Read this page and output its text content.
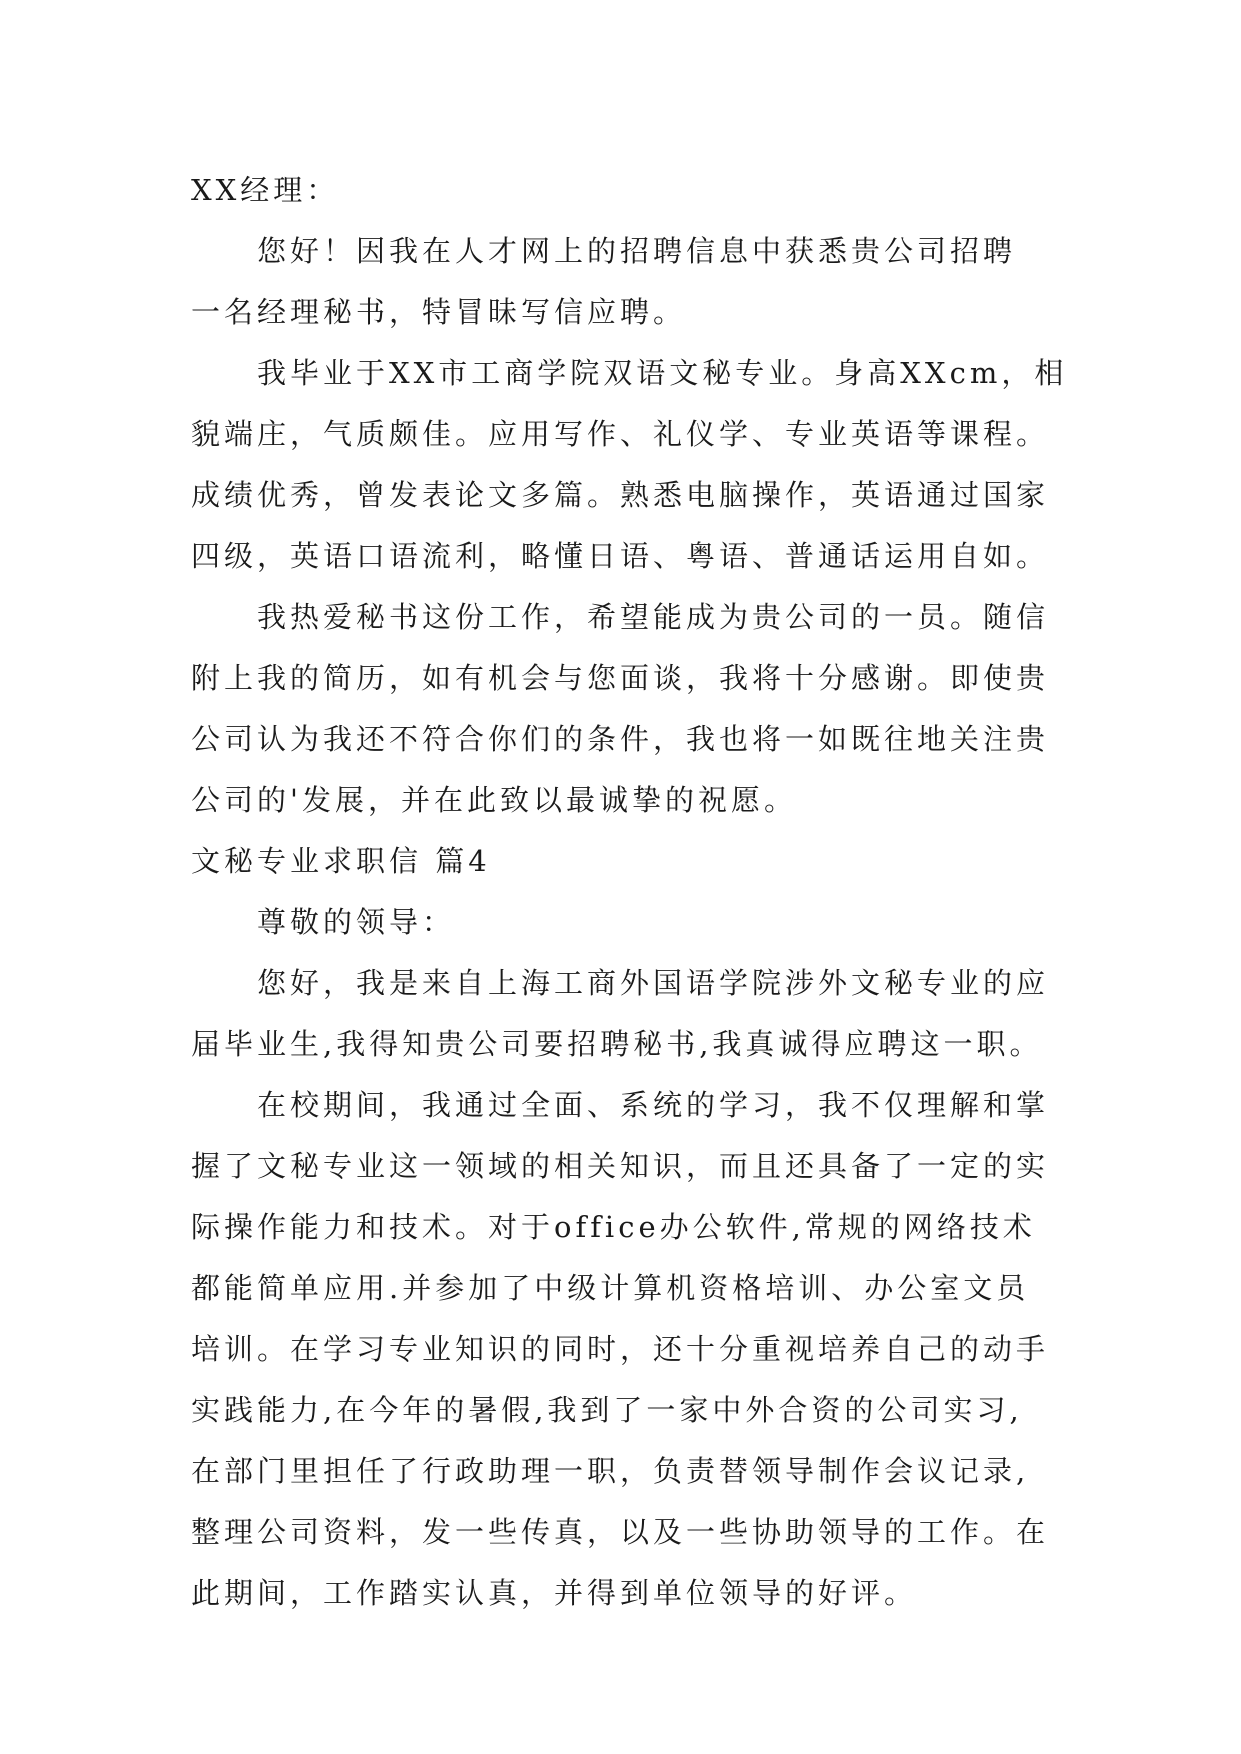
XX经理：
您好！因我在人才网上的招聘信息中获悉贵公司招聘
一名经理秘书，特冒昧写信应聘。
我毕业于XX市工商学院双语文秘专业。身高XXcm，相
貌端庄，气质颇佳。应用写作、礼仪学、专业英语等课程。
成绩优秀，曾发表论文多篇。熟悉电脑操作，英语通过国家
四级，英语口语流利，略懂日语、粤语、普通话运用自如。
我热爱秘书这份工作，希望能成为贵公司的一员。随信
附上我的简历，如有机会与您面谈，我将十分感谢。即使贵
公司认为我还不符合你们的条件，我也将一如既往地关注贵
公司的'发展，并在此致以最诚挚的祝愿。
文秘专业求职信 篇4
尊敬的领导：
您好，我是来自上海工商外国语学院涉外文秘专业的应
届毕业生,我得知贵公司要招聘秘书,我真诚得应聘这一职。
在校期间，我通过全面、系统的学习，我不仅理解和掌
握了文秘专业这一领域的相关知识，而且还具备了一定的实
际操作能力和技术。对于office办公软件,常规的网络技术
都能简单应用.并参加了中级计算机资格培训、办公室文员
培训。在学习专业知识的同时，还十分重视培养自己的动手
实践能力,在今年的暑假,我到了一家中外合资的公司实习,
在部门里担任了行政助理一职，负责替领导制作会议记录,
整理公司资料，发一些传真，以及一些协助领导的工作。在
此期间，工作踏实认真，并得到单位领导的好评。
